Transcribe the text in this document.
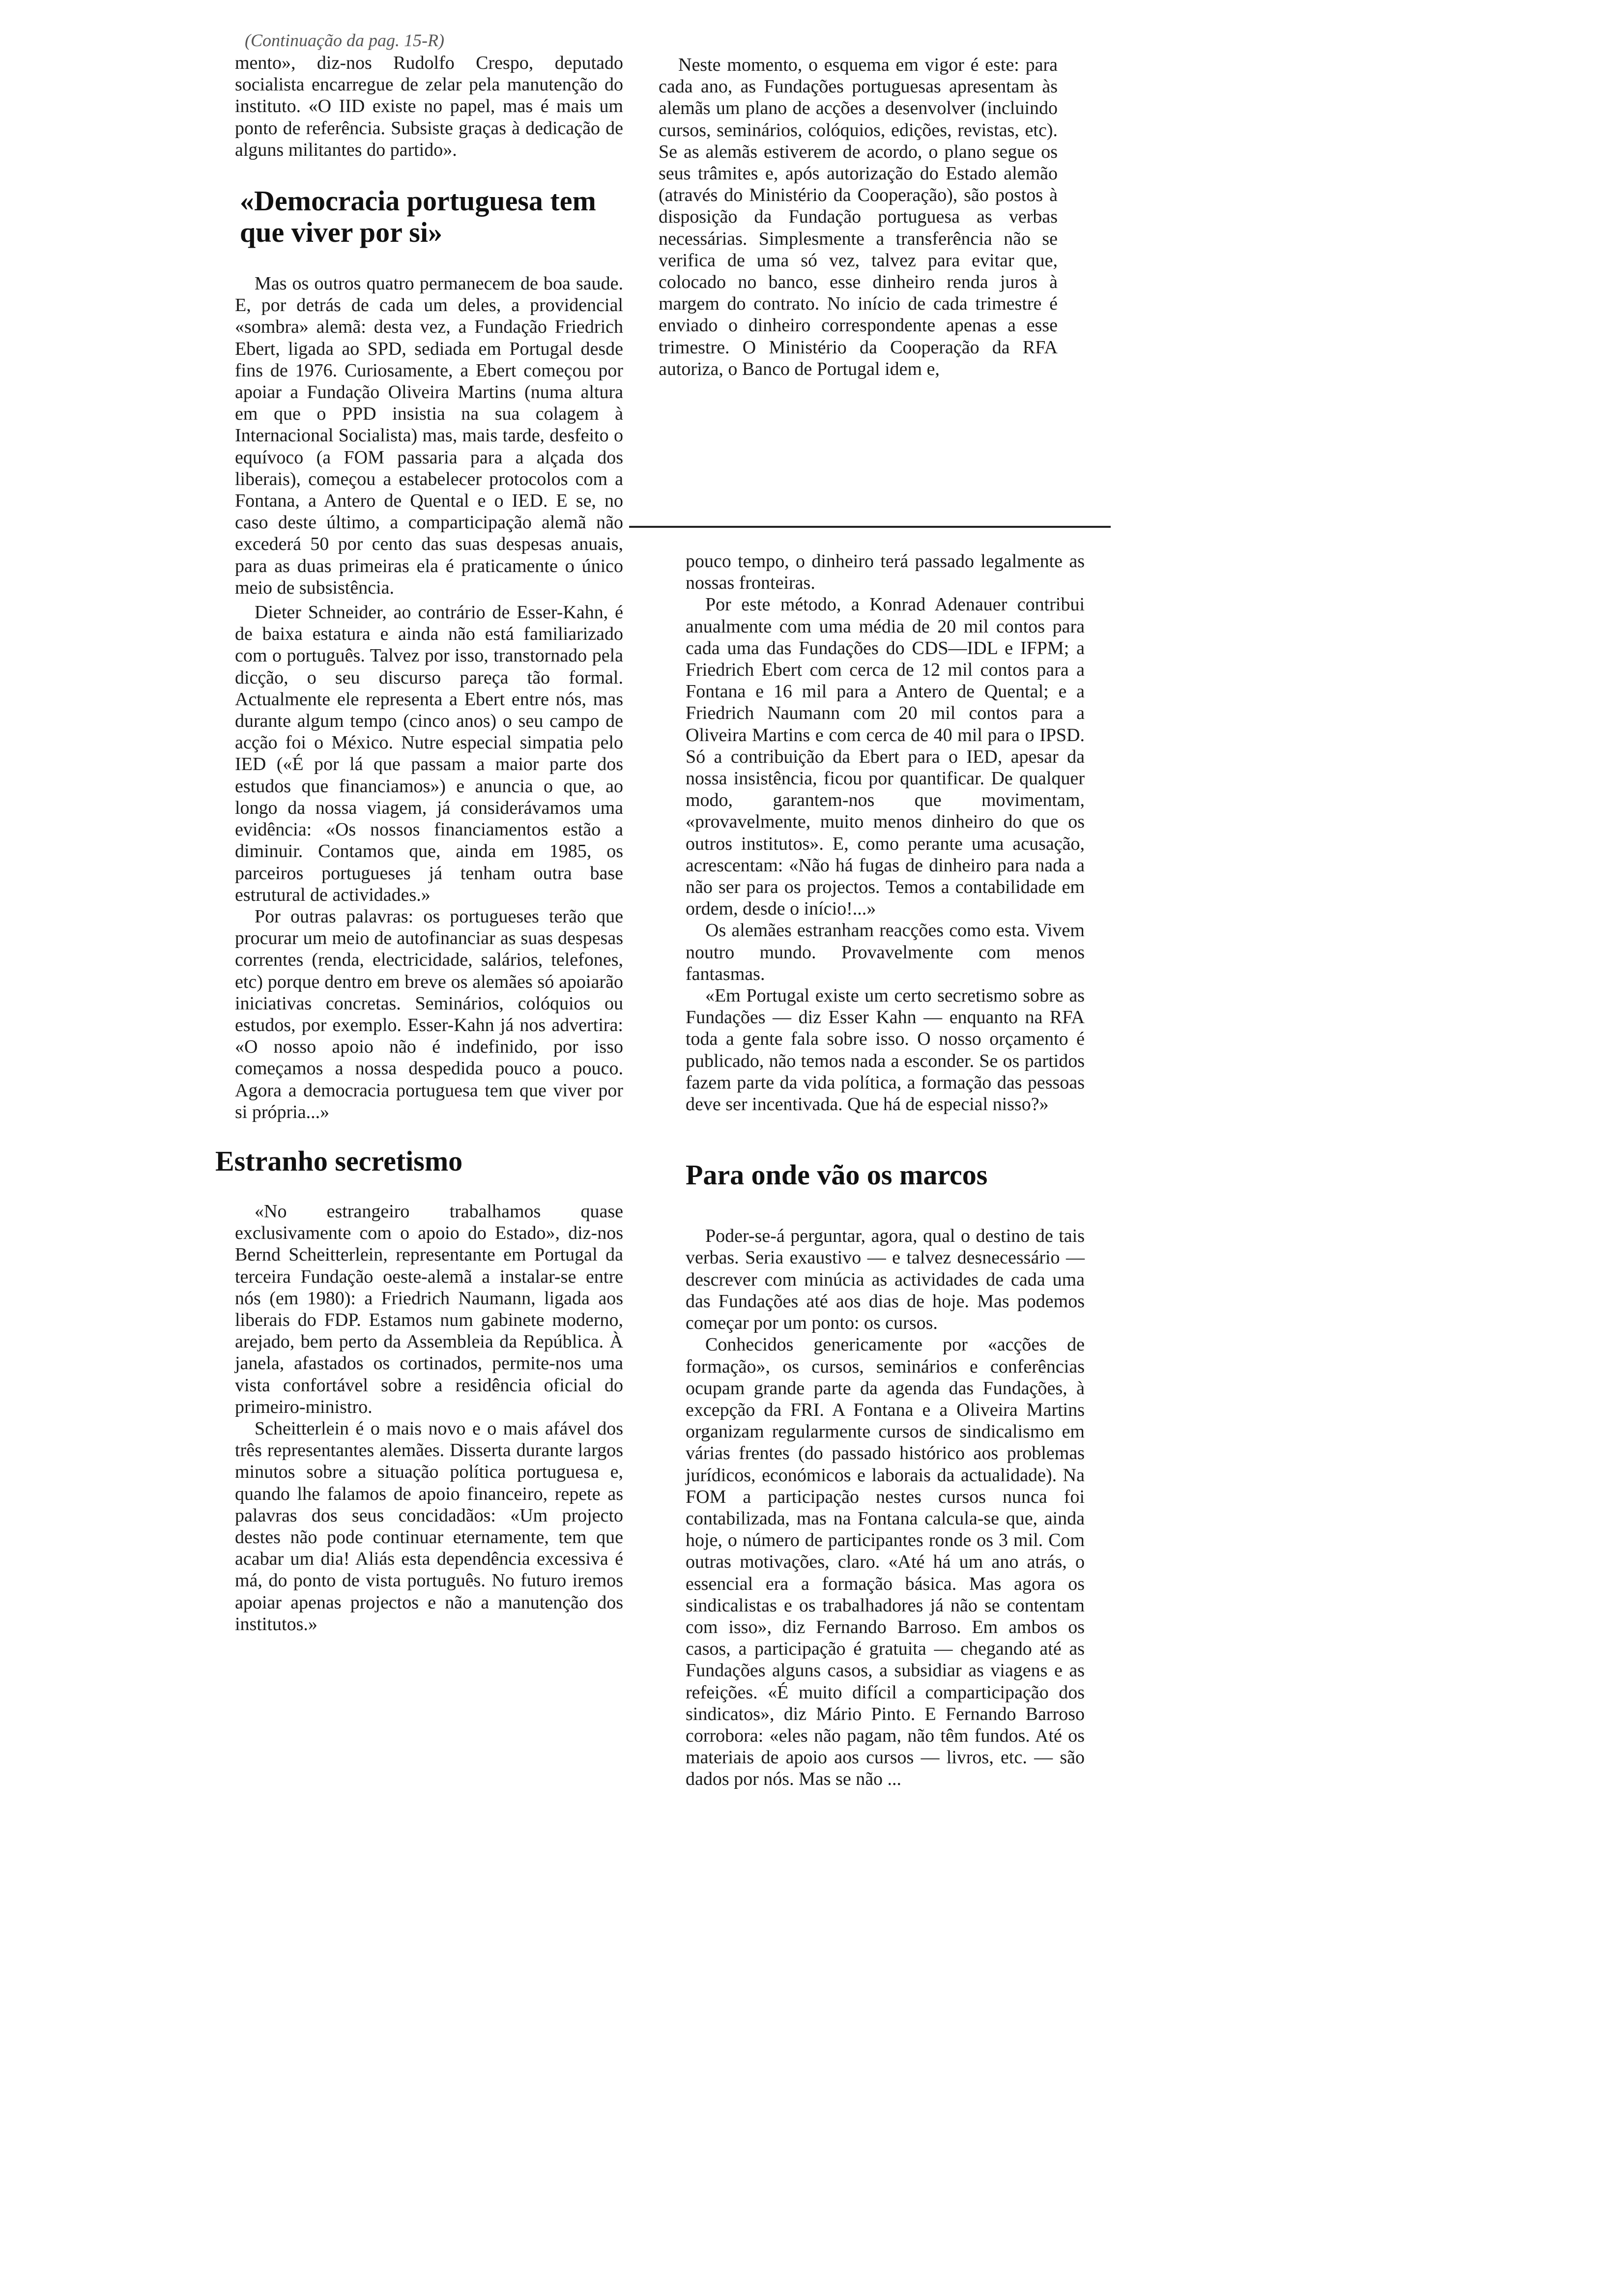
(Continuação da pag. 15-R)

mento», diz-nos Rudolfo Crespo, deputado socialista encarregue de zelar pela manutenção do instituto. «O IID existe no papel, mas é mais um ponto de referência. Subsiste graças à dedicação de alguns militantes do partido».

«Democracia portuguesa tem que viver por si»

Mas os outros quatro permanecem de boa saude. E, por detrás de cada um deles, a providencial «sombra» alemã: desta vez, a Fundação Friedrich Ebert, ligada ao SPD, sediada em Portugal desde fins de 1976. Curiosamente, a Ebert começou por apoiar a Fundação Oliveira Martins (numa altura em que o PPD insistia na sua colagem à Internacional Socialista) mas, mais tarde, desfeito o equívoco (a FOM passaria para a alçada dos liberais), começou a estabelecer protocolos com a Fontana, a Antero de Quental e o IED. E se, no caso deste último, a comparticipação alemã não excederá 50 por cento das suas despesas anuais, para as duas primeiras ela é praticamente o único meio de subsistência.

Dieter Schneider, ao contrário de Esser-Kahn, é de baixa estatura e ainda não está familiarizado com o português. Talvez por isso, transtornado pela dicção, o seu discurso pareça tão formal. Actualmente ele representa a Ebert entre nós, mas durante algum tempo (cinco anos) o seu campo de acção foi o México. Nutre especial simpatia pelo IED («É por lá que passam a maior parte dos estudos que financiamos») e anuncia o que, ao longo da nossa viagem, já considerávamos uma evidência: «Os nossos financiamentos estão a diminuir. Contamos que, ainda em 1985, os parceiros portugueses já tenham outra base estrutural de actividades.»

Por outras palavras: os portugueses terão que procurar um meio de autofinanciar as suas despesas correntes (renda, electricidade, salários, telefones, etc) porque dentro em breve os alemães só apoiarão iniciativas concretas. Seminários, colóquios ou estudos, por exemplo. Esser-Kahn já nos advertira: «O nosso apoio não é indefinido, por isso começamos a nossa despedida pouco a pouco. Agora a democracia portuguesa tem que viver por si própria...»

Estranho secretismo

«No estrangeiro trabalhamos quase exclusivamente com o apoio do Estado», diz-nos Bernd Scheitterlein, representante em Portugal da terceira Fundação oeste-alemã a instalar-se entre nós (em 1980): a Friedrich Naumann, ligada aos liberais do FDP. Estamos num gabinete moderno, arejado, bem perto da Assembleia da República. À janela, afastados os cortinados, permite-nos uma vista confortável sobre a residência oficial do primeiro-ministro.

Scheitterlein é o mais novo e o mais afável dos três representantes alemães. Disserta durante largos minutos sobre a situação política portuguesa e, quando lhe falamos de apoio financeiro, repete as palavras dos seus concidadãos: «Um projecto destes não pode continuar eternamente, tem que acabar um dia! Aliás esta dependência excessiva é má, do ponto de vista português. No futuro iremos apoiar apenas projectos e não a manutenção dos institutos.»

Neste momento, o esquema em vigor é este: para cada ano, as Fundações portuguesas apresentam às alemãs um plano de acções a desenvolver (incluindo cursos, seminários, colóquios, edições, revistas, etc). Se as alemãs estiverem de acordo, o plano segue os seus trâmites e, após autorização do Estado alemão (através do Ministério da Cooperação), são postos à disposição da Fundação portuguesa as verbas necessárias. Simplesmente a transferência não se verifica de uma só vez, talvez para evitar que, colocado no banco, esse dinheiro renda juros à margem do contrato. No início de cada trimestre é enviado o dinheiro correspondente apenas a esse trimestre. O Ministério da Cooperação da RFA autoriza, o Banco de Portugal idem e,

pouco tempo, o dinheiro terá passado legalmente as nossas fronteiras.

Por este método, a Konrad Adenauer contribui anualmente com uma média de 20 mil contos para cada uma das Fundações do CDS—IDL e IFPM; a Friedrich Ebert com cerca de 12 mil contos para a Fontana e 16 mil para a Antero de Quental; e a Friedrich Naumann com 20 mil contos para a Oliveira Martins e com cerca de 40 mil para o IPSD. Só a contribuição da Ebert para o IED, apesar da nossa insistência, ficou por quantificar. De qualquer modo, garantem-nos que movimentam, «provavelmente, muito menos dinheiro do que os outros institutos». E, como perante uma acusação, acrescentam: «Não há fugas de dinheiro para nada a não ser para os projectos. Temos a contabilidade em ordem, desde o início!...»

Os alemães estranham reacções como esta. Vivem noutro mundo. Provavelmente com menos fantasmas.

«Em Portugal existe um certo secretismo sobre as Fundações — diz Esser Kahn — enquanto na RFA toda a gente fala sobre isso. O nosso orçamento é publicado, não temos nada a esconder. Se os partidos fazem parte da vida política, a formação das pessoas deve ser incentivada. Que há de especial nisso?»

Para onde vão os marcos

Poder-se-á perguntar, agora, qual o destino de tais verbas. Seria exaustivo — e talvez desnecessário — descrever com minúcia as actividades de cada uma das Fundações até aos dias de hoje. Mas podemos começar por um ponto: os cursos.

Conhecidos genericamente por «acções de formação», os cursos, seminários e conferências ocupam grande parte da agenda das Fundações, à excepção da FRI. A Fontana e a Oliveira Martins organizam regularmente cursos de sindicalismo em várias frentes (do passado histórico aos problemas jurídicos, económicos e laborais da actualidade). Na FOM a participação nestes cursos nunca foi contabilizada, mas na Fontana calcula-se que, ainda hoje, o número de participantes ronde os 3 mil. Com outras motivações, claro. «Até há um ano atrás, o essencial era a formação básica. Mas agora os sindicalistas e os trabalhadores já não se contentam com isso», diz Fernando Barroso. Em ambos os casos, a participação é gratuita — chegando até as Fundações alguns casos, a subsidiar as viagens e as refeições. «É muito difícil a comparticipação dos sindicatos», diz Mário Pinto. E Fernando Barroso corrobora: «eles não pagam, não têm fundos. Até os materiais de apoio aos cursos — livros, etc. — são dados por nós. Mas se não ...
